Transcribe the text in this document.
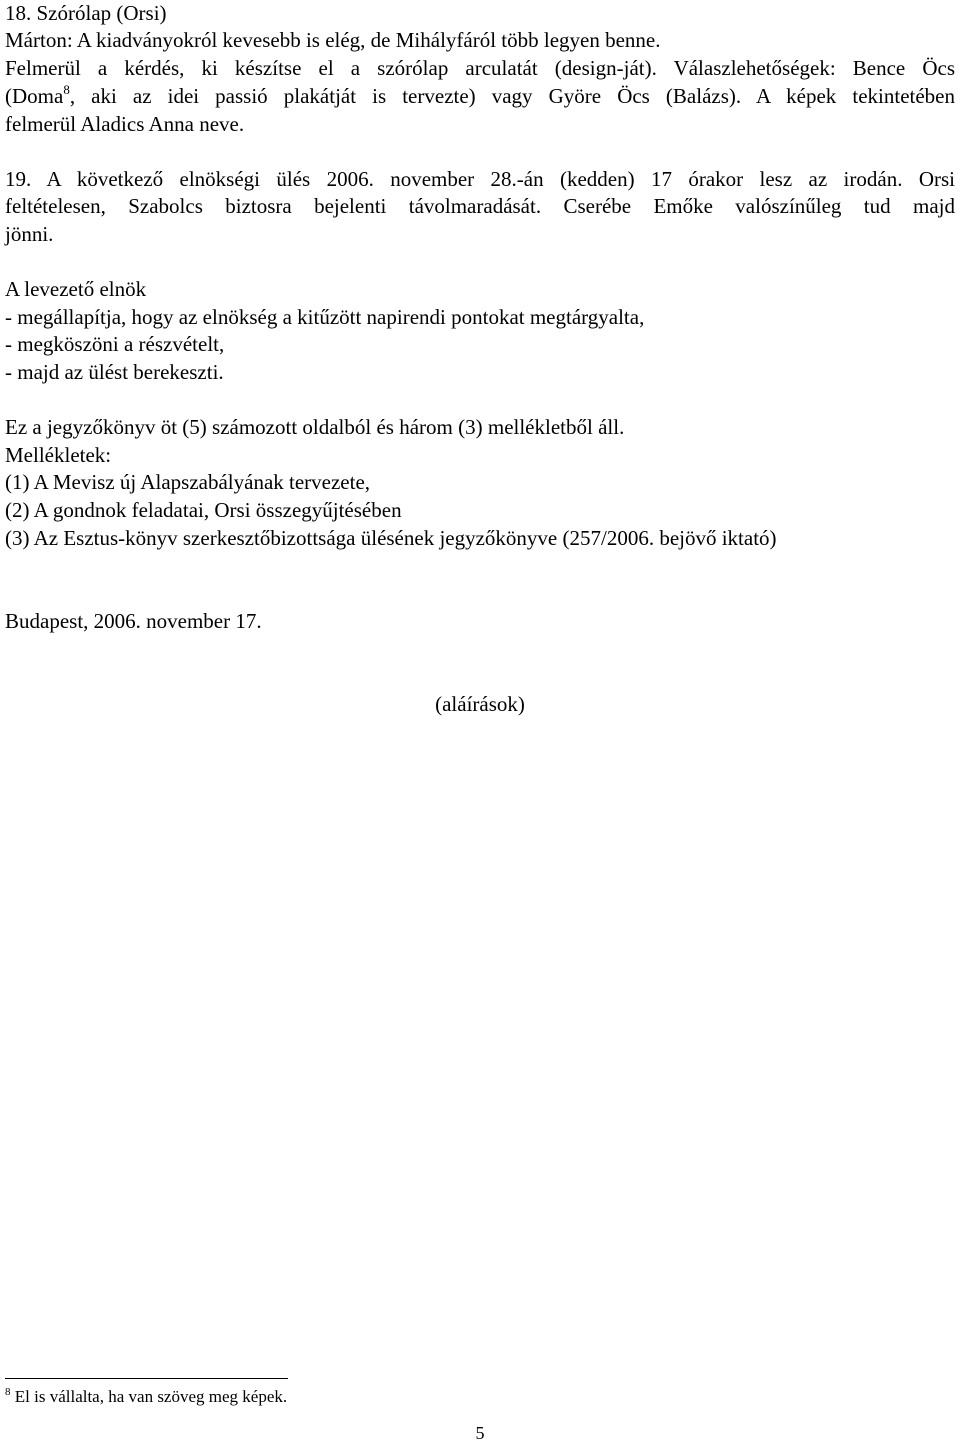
18. Szórólap (Orsi)
Márton: A kiadványokról kevesebb is elég, de Mihályfáról több legyen benne.
Felmerül a kérdés, ki készítse el a szórólap arculatát (design-ját). Válaszlehetőségek: Bence Öcs
(Doma$^8$, aki az idei passió plakátját is tervezte) vagy Györe Öcs (Balázs). A képek tekintetében
felmerül Aladics Anna neve.
19. A következő elnökségi ülés 2006. november 28.-án (kedden) 17 órakor lesz az irodán. Orsi
feltételesen, Szabolcs biztosra bejelenti távolmaradását. Cserébe Emőke valószínűleg tud majd
jönni.
A levezető elnök
- megállapítja, hogy az elnökség a kitűzött napirendi pontokat megtárgyalta,
- megköszöni a részvételt,
- majd az ülést berekeszti.
Ez a jegyzőkönyv öt (5) számozott oldalból és három (3) mellékletből áll.
Mellékletek:
(1) A Mevisz új Alapszabályának tervezete,
(2) A gondnok feladatai, Orsi összegyűjtésében
(3) Az Esztus-könyv szerkesztőbizottsága ülésének jegyzőkönyve (257/2006. bejövő iktató)
Budapest, 2006. november 17.
(aláírások)
$^8$ El is vállalta, ha van szöveg meg képek.
5
